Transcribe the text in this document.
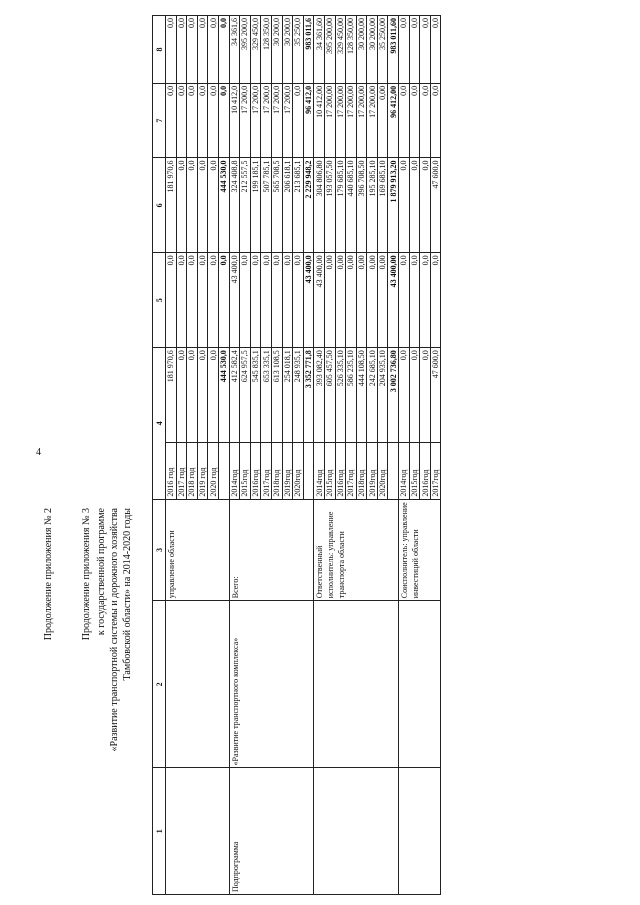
4
Продолжение приложения № 2	Продолжение приложения № 3 к государственной программе «Развитие транспортной системы и дорожного хозяйства Тамбовской области» на 2014-2020 годы
1	2	3	4		5	6	7	8
		управление области	2016 год	181 970,6	0,0	181 970,6	0,0	0,0
			2017 год	0,0	0,0	0,0	0,0	0,0
			2018 год	0,0	0,0	0,0	0,0	0,0
			2019 год	0,0	0,0	0,0	0,0	0,0
			2020 год	0,0	0,0	0,0	0,0	0,0
				444 530,0	0,0	444 530,0	0,0	0,0
Подпрограмма	«Развитие транспортного комплекса»	Всего:	2014год	412 582,4	43 400,0	324 408,8	10 412,0	34 361,6
			2015год	624 957,5	0,0	212 557,5	17 200,0	395 200,0
			2016год	545 835,1	0,0	199 185,1	17 200,0	329 450,0
			2017год	653 335,1	0,0	507 785,1	17 200,0	128 350,0
			2018год	613 108,5	0,0	565 708,5	17 200,0	30 200,0
			2019год	254 018,1	0,0	206 618,1	17 200,0	30 200,0
			2020год	248 935,1	0,0	213 685,1	0,0	35 250,0
				3 352 771,8	43 400,0	2 229 948,2	96 412,0	983 011,6
		Ответственный исполнитель: управление транспорта области	2014год	393 082,40	43 400,00	304 806,80	10 412,00	34 361,60
			2015год	605 457,50	0,00	193 057,50	17 200,00	395 200,00
			2016год	526 335,10	0,00	179 685,10	17 200,00	329 450,00
			2017год	586 235,10	0,00	440 685,10	17 200,00	128 350,00
			2018год	444 108,50	0,00	396 708,50	17 200,00	30 200,00
			2019год	242 685,10	0,00	195 285,10	17 200,00	30 200,00
			2020год	204 935,10	0,00	169 685,10	0,00	35 250,00
				3 002 736,80	43 400,00	1 879 913,20	96 412,00	983 011,60
		Соисполнитель: управление инвестиций области	2014год	0,0	0,0	0,0	0,0	0,0
			2015год	0,0	0,0	0,0	0,0	0,0
			2016год	0,0	0,0	0,0	0,0	0,0
			2017год	47 600,0	0,0	47 600,0	0,0	0,0
